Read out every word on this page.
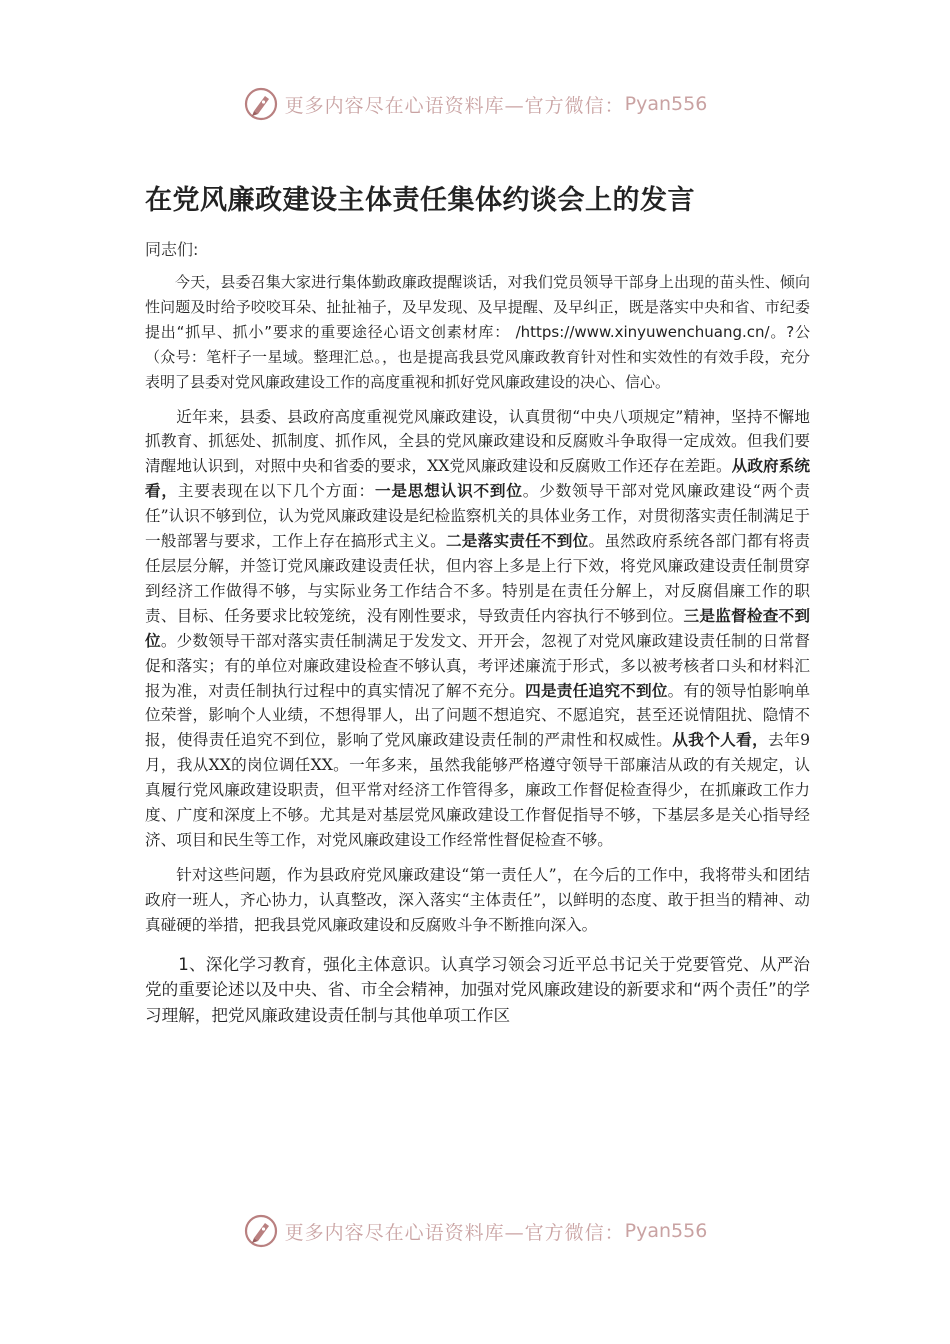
更多内容尽在心语资料库—官方微信： Pyan556
在党风廉政建设主体责任集体约谈会上的发言
同志们:

今天，县委召集大家进行集体勤政廉政提醒谈话，对我们党员领导干部身上出现的苗头性、倾向性问题及时给予咬咬耳朵、扯扯袖子，及早发现、及早提醒、及早纠正，既是落实中央和省、市纪委提出“抓早、抓小”要求的重要途径心语文创素材库： /https://www.xinyuwenchuang.cn/。?公（众号：笔杆子一星域。整理汇总。，也是提高我县党风廉政教育针对性和实效性的有效手段，充分表明了县委对党风廉政建设工作的高度重视和抓好党风廉政建设的决心、信心。

近年来，县委、县政府高度重视党风廉政建设，认真贯彻“中央八项规定”精神，坚持不懈地抓教育、抓惩处、抓制度、抓作风，全县的党风廉政建设和反腐败斗争取得一定成效。但我们要清醒地认识到，对照中央和省委的要求，XX党风廉政建设和反腐败工作还存在差距。从政府系统看，主要表现在以下几个方面：一是思想认识不到位。少数领导干部对党风廉政建设“两个责任”认识不够到位，认为党风廉政建设是纪检监察机关的具体业务工作，对贯彻落实责任制满足于一般部署与要求，工作上存在搞形式主义。二是落实责任不到位。虽然政府系统各部门都有将责任层层分解，并签订党风廉政建设责任状，但内容上多是上行下效，将党风廉政建设责任制贯穿到经济工作做得不够，与实际业务工作结合不多。特别是在责任分解上，对反腐倡廉工作的职责、目标、任务要求比较笼统，没有刚性要求，导致责任内容执行不够到位。三是监督检查不到位。少数领导干部对落实责任制满足于发发文、开开会，忽视了对党风廉政建设责任制的日常督促和落实；有的单位对廉政建设检查不够认真，考评述廉流于形式，多以被考核者口头和材料汇报为准，对责任制执行过程中的真实情况了解不充分。四是责任追究不到位。有的领导怕影响单位荣誉，影响个人业绩，不想得罪人，出了问题不想追究、不愿追究，甚至还说情阻扰、隐情不报，使得责任追究不到位，影响了党风廉政建设责任制的严肃性和权威性。从我个人看，去年9月，我从XX的岗位调任XX。一年多来，虽然我能够严格遵守领导干部廉洁从政的有关规定，认真履行党风廉政建设职责，但平常对经济工作管得多，廉政工作督促检查得少，在抓廉政工作力度、广度和深度上不够。尤其是对基层党风廉政建设工作督促指导不够，下基层多是关心指导经济、项目和民生等工作，对党风廉政建设工作经常性督促检查不够。

针对这些问题，作为县政府党风廉政建设“第一责任人”，在今后的工作中，我将带头和团结政府一班人，齐心协力，认真整改，深入落实“主体责任”，以鲜明的态度、敢于担当的精神、动真碰硬的举措，把我县党风廉政建设和反腐败斗争不断推向深入。

1、深化学习教育，强化主体意识。认真学习领会习近平总书记关于党要管党、从严治党的重要论述以及中央、省、市全会精神，加强对党风廉政建设的新要求和“两个责任”的学习理解，把党风廉政建设责任制与其他单项工作区

更多内容尽在心语资料库—官方微信： Pyan556
